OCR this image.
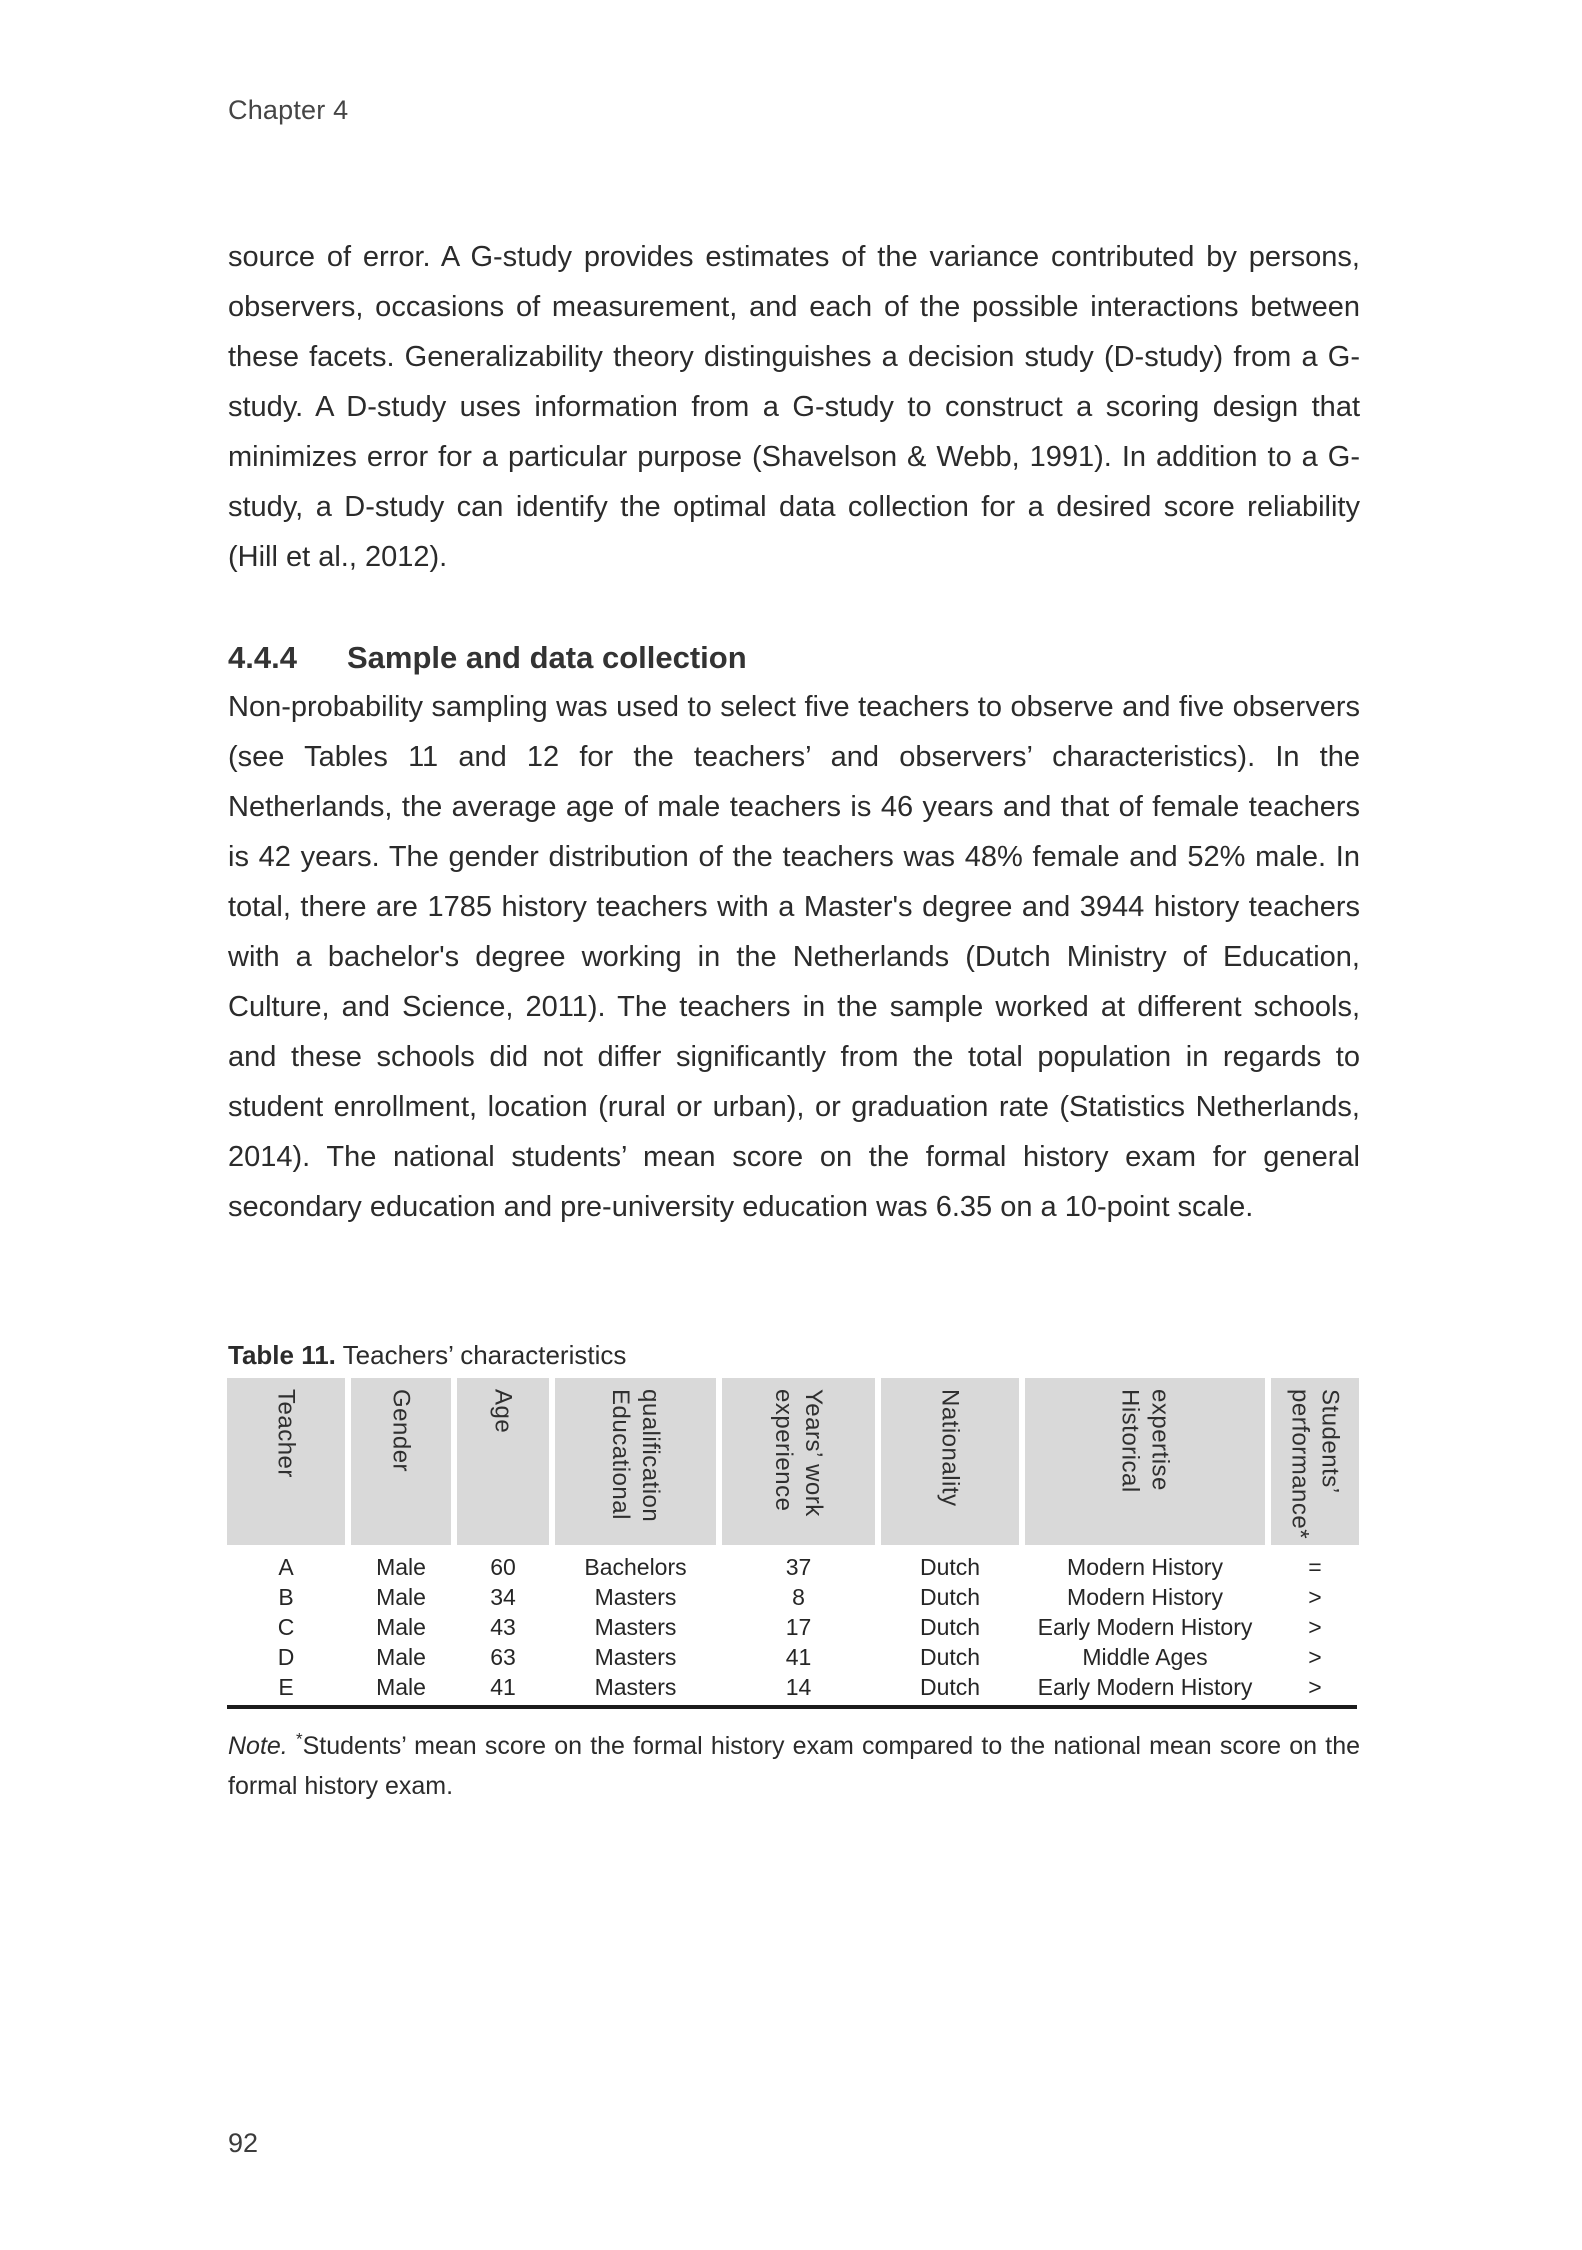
Chapter 4
source of error. A G-study provides estimates of the variance contributed by persons, observers, occasions of measurement, and each of the possible interactions between these facets. Generalizability theory distinguishes a decision study (D-study) from a G-study. A D-study uses information from a G-study to construct a scoring design that minimizes error for a particular purpose (Shavelson & Webb, 1991). In addition to a G-study, a D-study can identify the optimal data collection for a desired score reliability (Hill et al., 2012).
4.4.4 Sample and data collection
Non-probability sampling was used to select five teachers to observe and five observers (see Tables 11 and 12 for the teachers’ and observers’ characteristics). In the Netherlands, the average age of male teachers is 46 years and that of female teachers is 42 years. The gender distribution of the teachers was 48% female and 52% male. In total, there are 1785 history teachers with a Master's degree and 3944 history teachers with a bachelor's degree working in the Netherlands (Dutch Ministry of Education, Culture, and Science, 2011). The teachers in the sample worked at different schools, and these schools did not differ significantly from the total population in regards to student enrollment, location (rural or urban), or graduation rate (Statistics Netherlands, 2014). The national students’ mean score on the formal history exam for general secondary education and pre-university education was 6.35 on a 10-point scale.
Table 11. Teachers’ characteristics
Teacher	Gender	Age	Educational qualification	experience Years’ work	Nationality	Historical expertise	performance* Students’
A	Male	60	Bachelors	37	Dutch	Modern History	=
B	Male	34	Masters	8	Dutch	Modern History	>
C	Male	43	Masters	17	Dutch	Early Modern History	>
D	Male	63	Masters	41	Dutch	Middle Ages	>
E	Male	41	Masters	14	Dutch	Early Modern History	>
Note. *Students’ mean score on the formal history exam compared to the national mean score on the formal history exam.
92
